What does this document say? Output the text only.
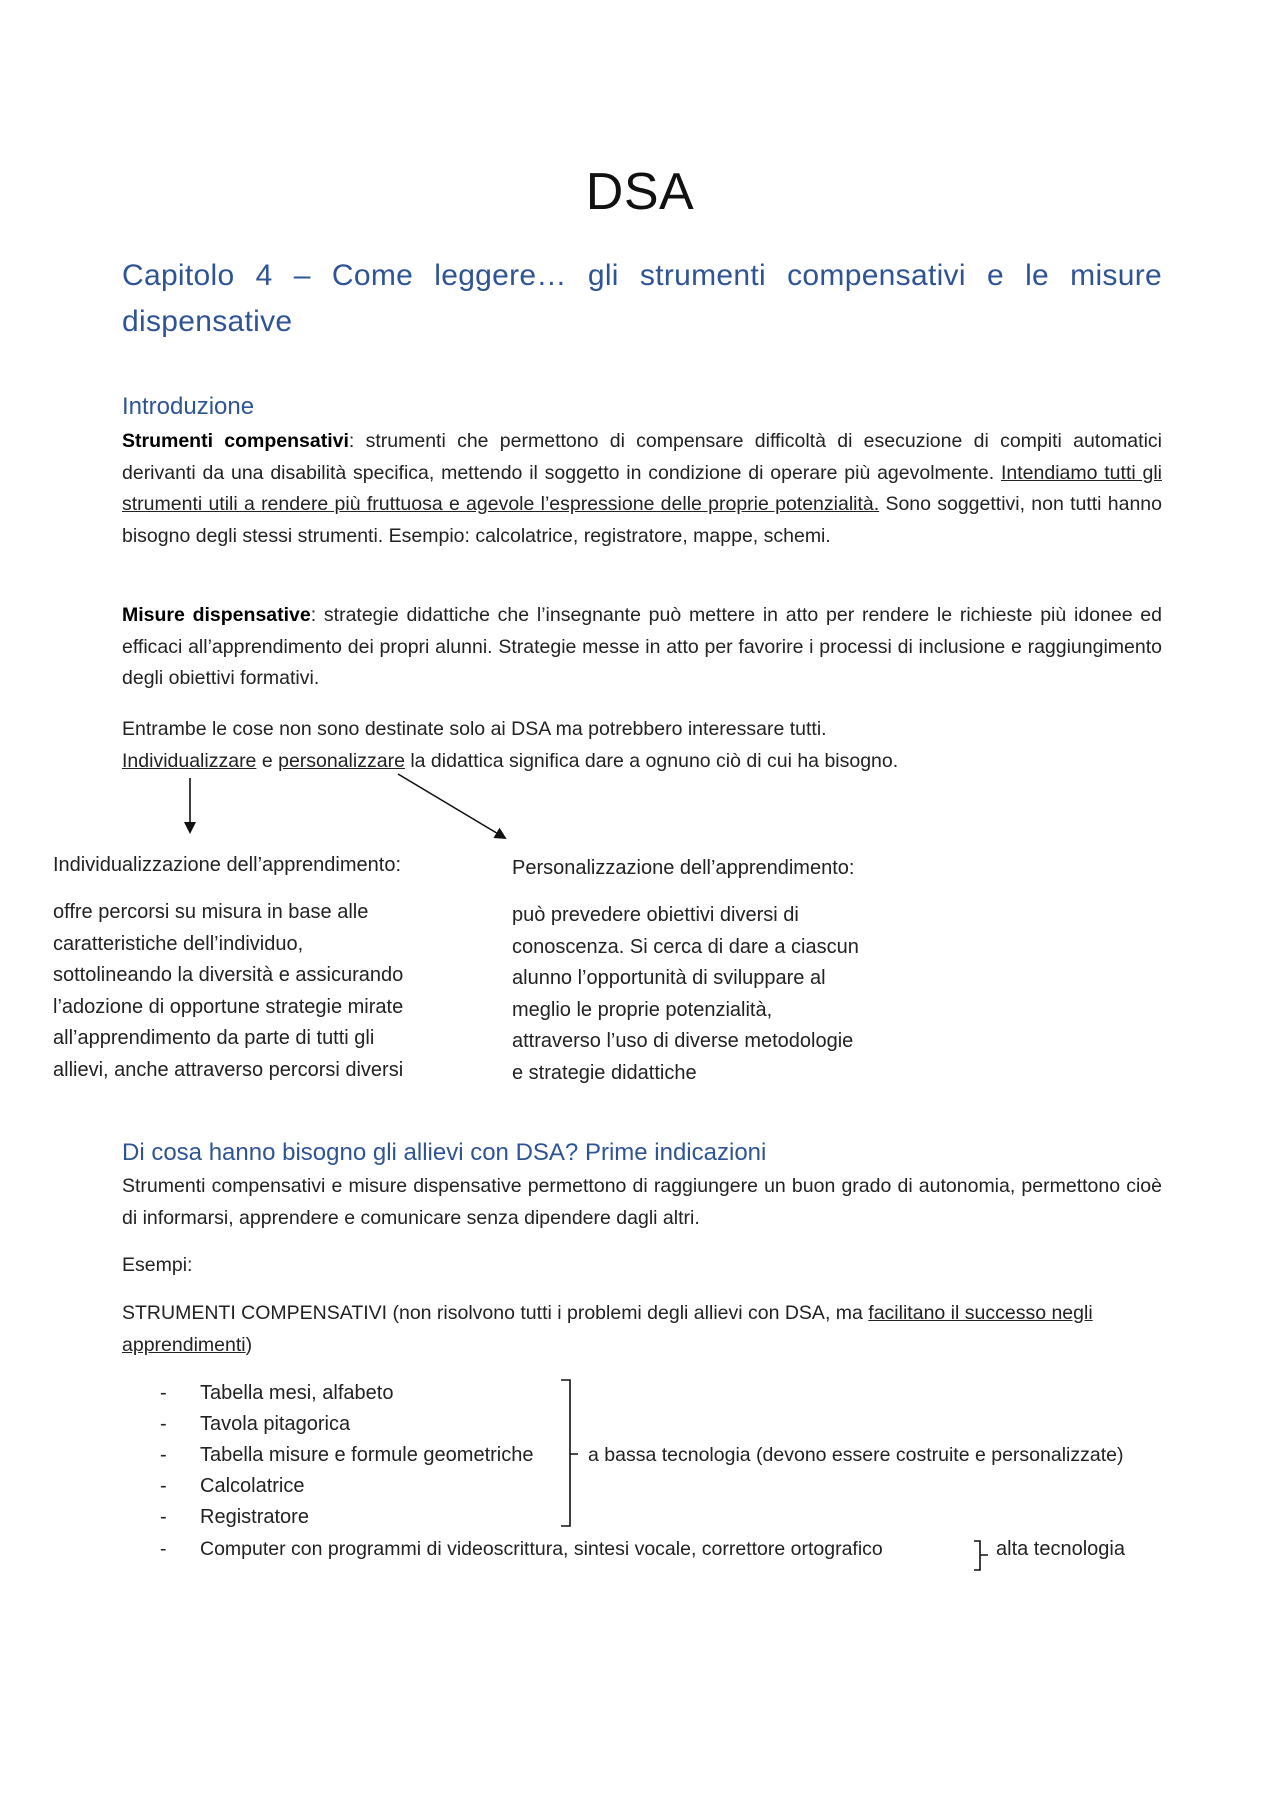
DSA
Capitolo 4 – Come leggere… gli strumenti compensativi e le misure dispensative
Introduzione
Strumenti compensativi: strumenti che permettono di compensare difficoltà di esecuzione di compiti automatici derivanti da una disabilità specifica, mettendo il soggetto in condizione di operare più agevolmente. Intendiamo tutti gli strumenti utili a rendere più fruttuosa e agevole l’espressione delle proprie potenzialità. Sono soggettivi, non tutti hanno bisogno degli stessi strumenti. Esempio: calcolatrice, registratore, mappe, schemi.
Misure dispensative: strategie didattiche che l’insegnante può mettere in atto per rendere le richieste più idonee ed efficaci all’apprendimento dei propri alunni. Strategie messe in atto per favorire i processi di inclusione e raggiungimento degli obiettivi formativi.
Entrambe le cose non sono destinate solo ai DSA ma potrebbero interessare tutti.
Individualizzare e personalizzare la didattica significa dare a ognuno ciò di cui ha bisogno.
Individualizzazione dell’apprendimento:
offre percorsi su misura in base alle
caratteristiche dell’individuo,
sottolineando la diversità e assicurando
l’adozione di opportune strategie mirate
all’apprendimento da parte di tutti gli
allievi, anche attraverso percorsi diversi
Personalizzazione dell’apprendimento:
può prevedere obiettivi diversi di
conoscenza. Si cerca di dare a ciascun
alunno l’opportunità di sviluppare al
meglio le proprie potenzialità,
attraverso l’uso di diverse metodologie
e strategie didattiche
Di cosa hanno bisogno gli allievi con DSA? Prime indicazioni
Strumenti compensativi e misure dispensative permettono di raggiungere un buon grado di autonomia, permettono cioè di informarsi, apprendere e comunicare senza dipendere dagli altri.
Esempi:
STRUMENTI COMPENSATIVI (non risolvono tutti i problemi degli allievi con DSA, ma facilitano il successo negli apprendimenti)
- Tabella mesi, alfabeto
- Tavola pitagorica
- Tabella misure e formule geometriche
- Calcolatrice
- Registratore
- Computer con programmi di videoscrittura, sintesi vocale, correttore ortografico
a bassa tecnologia (devono essere costruite e personalizzate)
alta tecnologia
